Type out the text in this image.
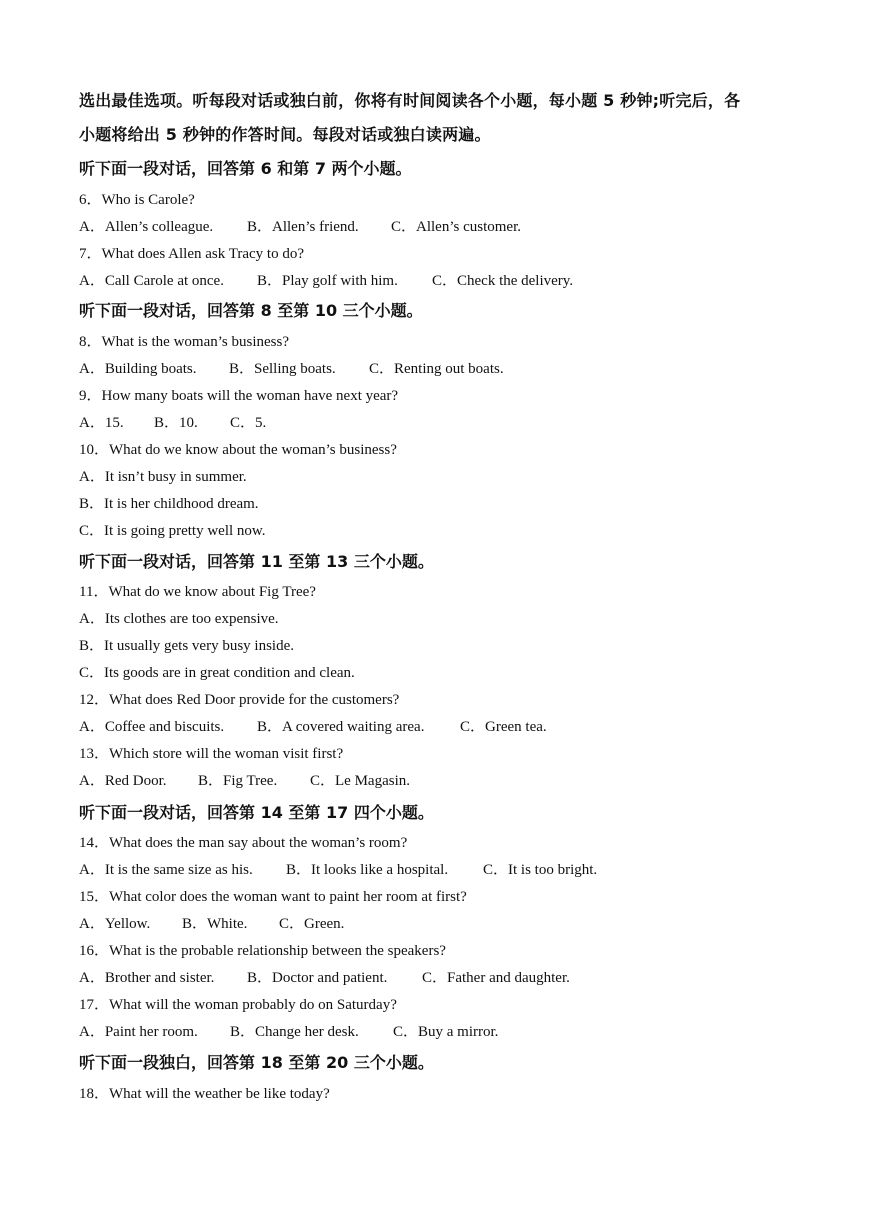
选出最佳选项。听每段对话或独白前，你将有时间阅读各个小题，每小题 5 秒钟;听完后，各
小题将给出 5 秒钟的作答时间。每段对话或独白读两遍。
听下面一段对话，回答第 6 和第 7 两个小题。
6．Who is Carole?
A．Allen’s colleague. B．Allen’s friend. C．Allen’s customer.
7．What does Allen ask Tracy to do?
A．Call Carole at once. B．Play golf with him. C．Check the delivery.
听下面一段对话，回答第 8 至第 10 三个小题。
8．What is the woman’s business?
A．Building boats. B．Selling boats. C．Renting out boats.
9．How many boats will the woman have next year?
A．15. B．10. C．5.
10．What do we know about the woman’s business?
A．It isn’t busy in summer.
B．It is her childhood dream.
C．It is going pretty well now.
听下面一段对话，回答第 11 至第 13 三个小题。
11．What do we know about Fig Tree?
A．Its clothes are too expensive.
B．It usually gets very busy inside.
C．Its goods are in great condition and clean.
12．What does Red Door provide for the customers?
A．Coffee and biscuits. B．A covered waiting area. C．Green tea.
13．Which store will the woman visit first?
A．Red Door. B．Fig Tree. C．Le Magasin.
听下面一段对话，回答第 14 至第 17 四个小题。
14．What does the man say about the woman’s room?
A．It is the same size as his. B．It looks like a hospital. C．It is too bright.
15．What color does the woman want to paint her room at first?
A．Yellow. B．White. C．Green.
16．What is the probable relationship between the speakers?
A．Brother and sister. B．Doctor and patient. C．Father and daughter.
17．What will the woman probably do on Saturday?
A．Paint her room. B．Change her desk. C．Buy a mirror.
听下面一段独白，回答第 18 至第 20 三个小题。
18．What will the weather be like today?
